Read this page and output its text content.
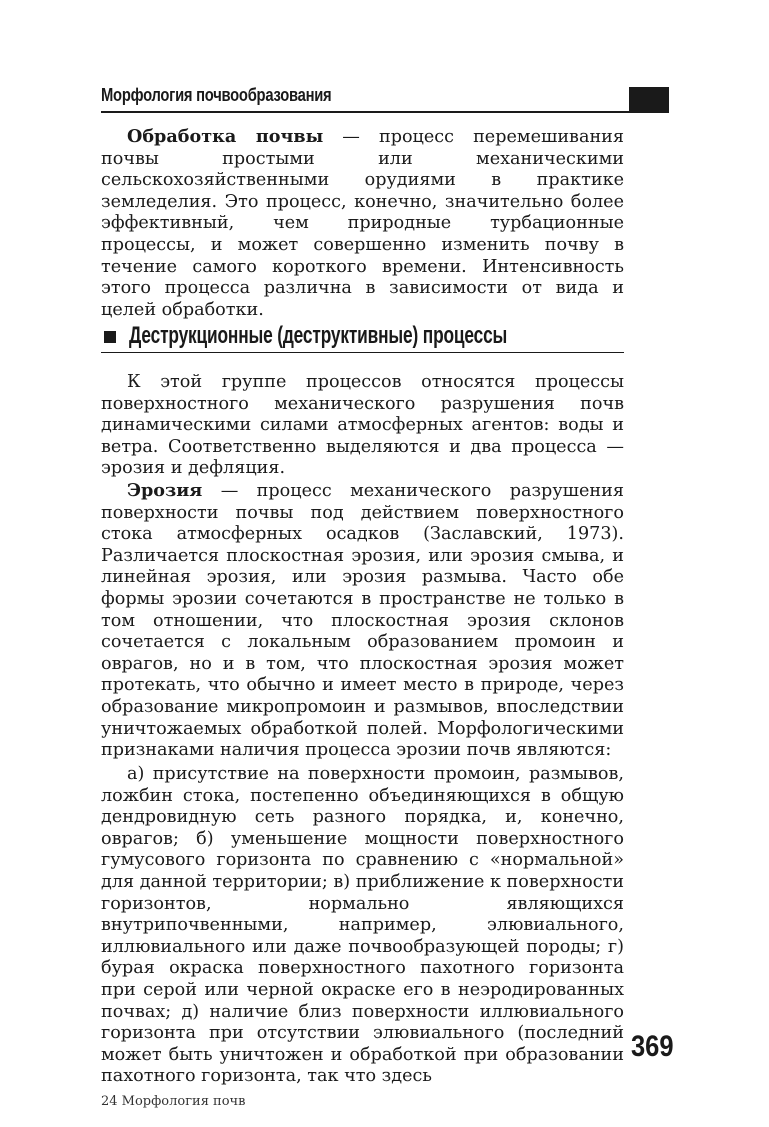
Морфология почвообразования

Обработка почвы — процесс перемешивания почвы простыми или механическими сельскохозяйственными орудиями в практике земледелия. Это процесс, конечно, значительно более эффективный, чем природные турбационные процессы, и может совершенно изменить почву в течение самого короткого времени. Интенсивность этого процесса различна в зависимости от вида и целей обработки.

Деструкционные (деструктивные) процессы

К этой группе процессов относятся процессы поверхностного механического разрушения почв динамическими силами атмосферных агентов: воды и ветра. Соответственно выделяются и два процесса — эрозия и дефляция.

Эрозия — процесс механического разрушения поверхности почвы под действием поверхностного стока атмосферных осадков (Заславский, 1973). Различается плоскостная эрозия, или эрозия смыва, и линейная эрозия, или эрозия размыва. Часто обе формы эрозии сочетаются в пространстве не только в том отношении, что плоскостная эрозия склонов сочетается с локальным образованием промоин и оврагов, но и в том, что плоскостная эрозия может протекать, что обычно и имеет место в природе, через образование микропромоин и размывов, впоследствии уничтожаемых обработкой полей. Морфологическими признаками наличия процесса эрозии почв являются:

а) присутствие на поверхности промоин, размывов, ложбин стока, постепенно объединяющихся в общую дендровидную сеть разного порядка, и, конечно, оврагов; б) уменьшение мощности поверхностного гумусового горизонта по сравнению с «нормальной» для данной территории; в) приближение к поверхности горизонтов, нормально являющихся внутрипочвенными, например, элювиального, иллювиального или даже почвообразующей породы; г) бурая окраска поверхностного пахотного горизонта при серой или черной окраске его в неэродированных почвах; д) наличие близ поверхности иллювиального горизонта при отсутствии элювиального (последний может быть уничтожен и обработкой при образовании пахотного горизонта, так что здесь

369
24 Морфология почв
